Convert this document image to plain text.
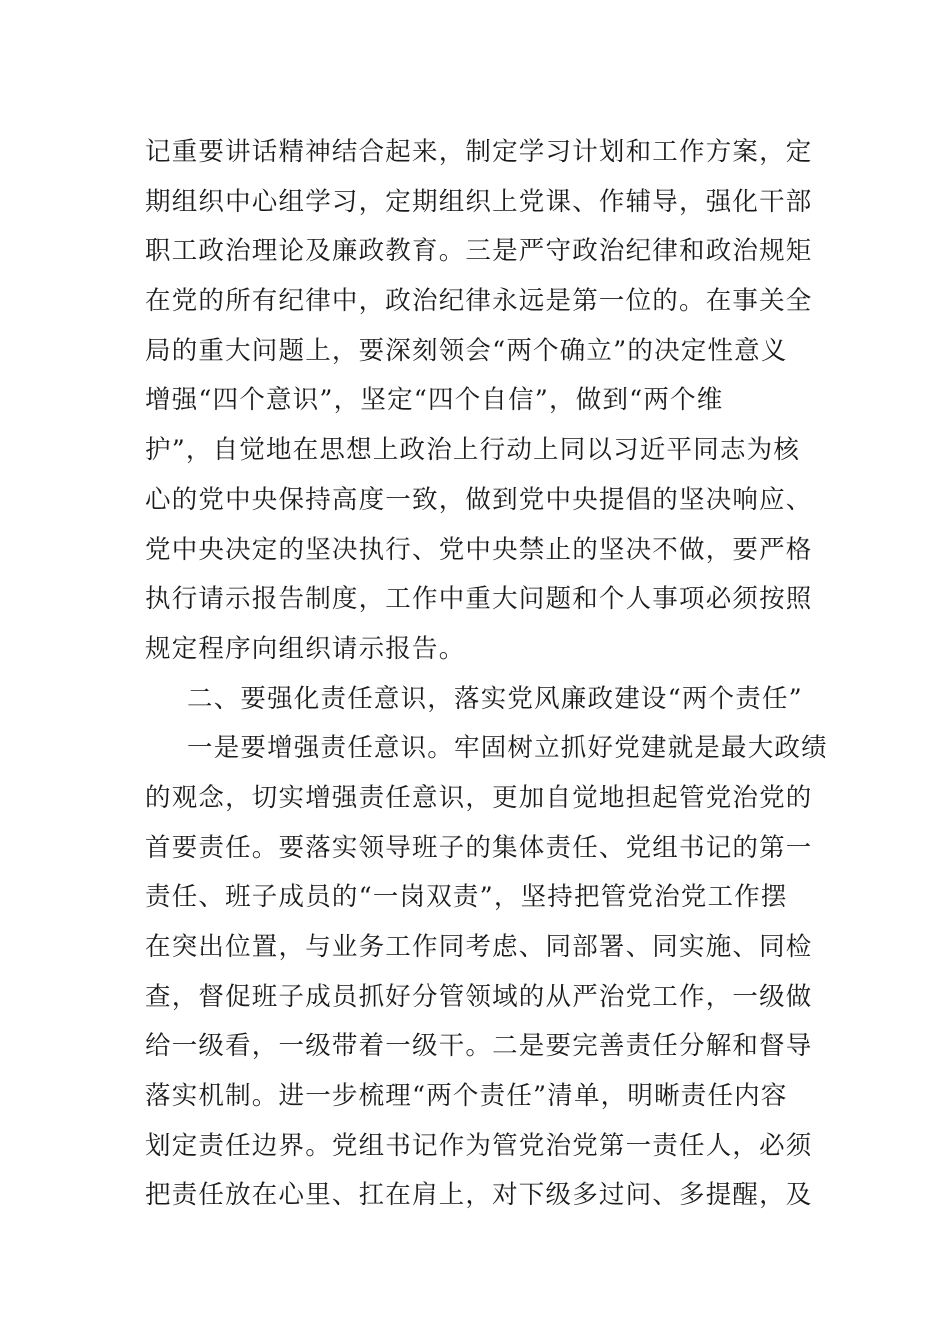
记重要讲话精神结合起来，制定学习计划和工作方案，定
期组织中心组学习，定期组织上党课、作辅导，强化干部
职工政治理论及廉政教育。三是严守政治纪律和政治规矩
在党的所有纪律中，政治纪律永远是第一位的。在事关全
局的重大问题上，要深刻领会“两个确立”的决定性意义
增强“四个意识”，坚定“四个自信”，做到“两个维
护”，自觉地在思想上政治上行动上同以习近平同志为核
心的党中央保持高度一致，做到党中央提倡的坚决响应、
党中央决定的坚决执行、党中央禁止的坚决不做，要严格
执行请示报告制度，工作中重大问题和个人事项必须按照
规定程序向组织请示报告。
二、要强化责任意识，落实党风廉政建设“两个责任”
一是要增强责任意识。牢固树立抓好党建就是最大政绩
的观念，切实增强责任意识，更加自觉地担起管党治党的
首要责任。要落实领导班子的集体责任、党组书记的第一
责任、班子成员的“一岗双责”，坚持把管党治党工作摆
在突出位置，与业务工作同考虑、同部署、同实施、同检
查，督促班子成员抓好分管领域的从严治党工作，一级做
给一级看，一级带着一级干。二是要完善责任分解和督导
落实机制。进一步梳理“两个责任”清单，明晰责任内容
划定责任边界。党组书记作为管党治党第一责任人，必须
把责任放在心里、扛在肩上，对下级多过问、多提醒，及
